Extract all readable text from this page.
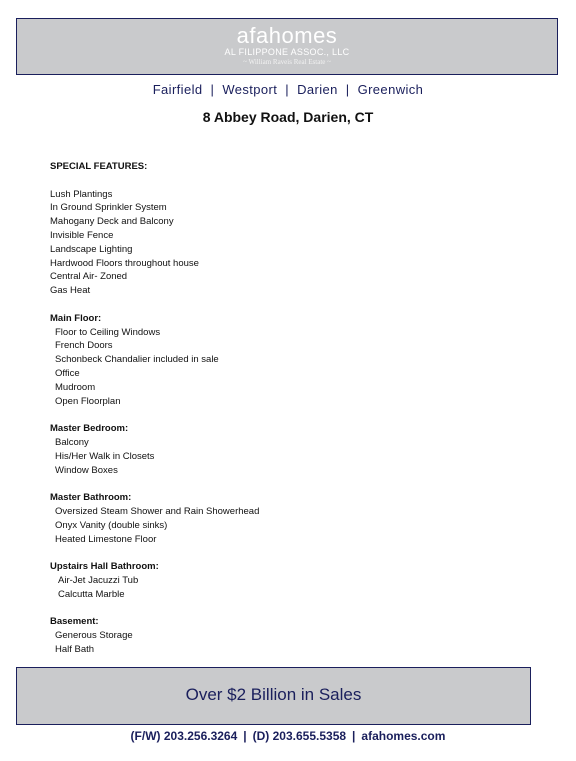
afahomes
AL FILIPPONE ASSOC., LLC
~ William Raveis Real Estate ~
Fairfield | Westport | Darien | Greenwich
8 Abbey Road, Darien, CT
SPECIAL FEATURES:
Lush Plantings
In Ground Sprinkler System
Mahogany Deck and Balcony
Invisible Fence
Landscape Lighting
Hardwood Floors throughout house
Central Air- Zoned
Gas Heat
Main Floor:
Floor to Ceiling Windows
French Doors
Schonbeck Chandalier included in sale
Office
Mudroom
Open Floorplan
Master Bedroom:
Balcony
His/Her Walk in Closets
Window Boxes
Master Bathroom:
Oversized Steam Shower and Rain Showerhead
Onyx Vanity (double sinks)
Heated Limestone Floor
Upstairs Hall Bathroom:
Air-Jet Jacuzzi Tub
Calcutta Marble
Basement:
Generous Storage
Half Bath
Over $2 Billion in Sales
(F/W) 203.256.3264 | (D) 203.655.5358 | afahomes.com
